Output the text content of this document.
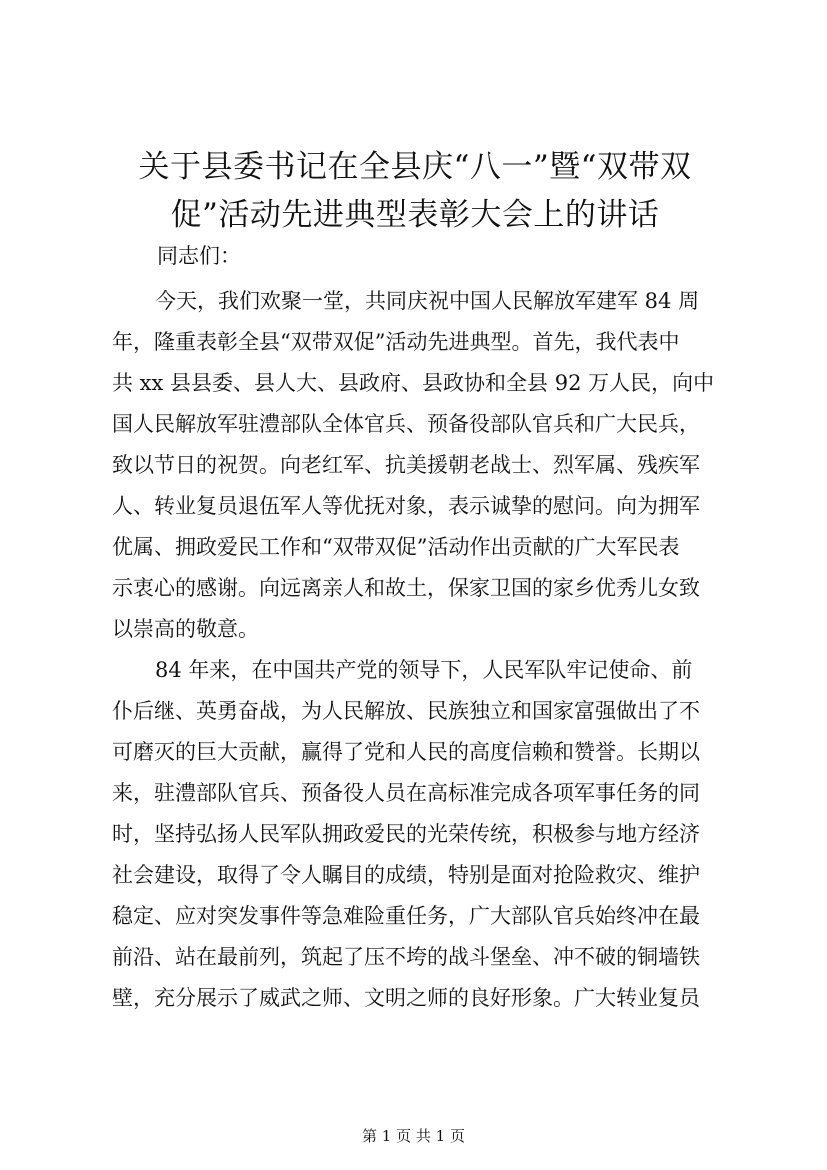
关于县委书记在全县庆“八一”暨“双带双
促”活动先进典型表彰大会上的讲话
同志们：
今天，我们欢聚一堂，共同庆祝中国人民解放军建军 84 周
年，隆重表彰全县“双带双促”活动先进典型。首先，我代表中
共 xx 县县委、县人大、县政府、县政协和全县 92 万人民，向中
国人民解放军驻澧部队全体官兵、预备役部队官兵和广大民兵，
致以节日的祝贺。向老红军、抗美援朝老战士、烈军属、残疾军
人、转业复员退伍军人等优抚对象，表示诚挚的慰问。向为拥军
优属、拥政爱民工作和“双带双促”活动作出贡献的广大军民表
示衷心的感谢。向远离亲人和故土，保家卫国的家乡优秀儿女致
以崇高的敬意。
84 年来，在中国共产党的领导下，人民军队牢记使命、前
仆后继、英勇奋战，为人民解放、民族独立和国家富强做出了不
可磨灭的巨大贡献，赢得了党和人民的高度信赖和赞誉。长期以
来，驻澧部队官兵、预备役人员在高标准完成各项军事任务的同
时，坚持弘扬人民军队拥政爱民的光荣传统，积极参与地方经济
社会建设，取得了令人瞩目的成绩，特别是面对抢险救灾、维护
稳定、应对突发事件等急难险重任务，广大部队官兵始终冲在最
前沿、站在最前列，筑起了压不垮的战斗堡垒、冲不破的铜墙铁
壁，充分展示了威武之师、文明之师的良好形象。广大转业复员
第 1 页 共 1 页
